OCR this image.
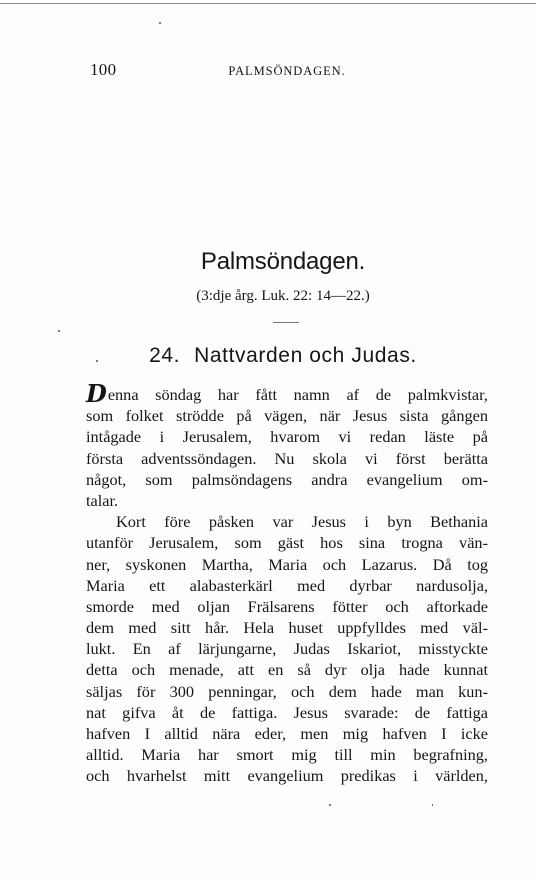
100	PALMSÖNDAGEN.
Palmsöndagen.
(3:dje årg. Luk. 22: 14—22.)
24. Nattvarden och Judas.
Denna söndag har fått namn af de palmkvistar,
som folket strödde på vägen, när Jesus sista gången
intågade i Jerusalem, hvarom vi redan läste på
första adventssöndagen. Nu skola vi först berätta
något, som palmsöndagens andra evangelium om-
talar.
Kort före påsken var Jesus i byn Bethania
utanför Jerusalem, som gäst hos sina trogna vän-
ner, syskonen Martha, Maria och Lazarus. Då tog
Maria ett alabasterkärl med dyrbar nardusolja,
smorde med oljan Frälsarens fötter och aftorkade
dem med sitt hår. Hela huset uppfylldes med väl-
lukt. En af lärjungarne, Judas Iskariot, misstyckte
detta och menade, att en så dyr olja hade kunnat
säljas för 300 penningar, och dem hade man kun-
nat gifva åt de fattiga. Jesus svarade: de fattiga
hafven I alltid nära eder, men mig hafven I icke
alltid. Maria har smort mig till min begrafning,
och hvarhelst mitt evangelium predikas i världen,
